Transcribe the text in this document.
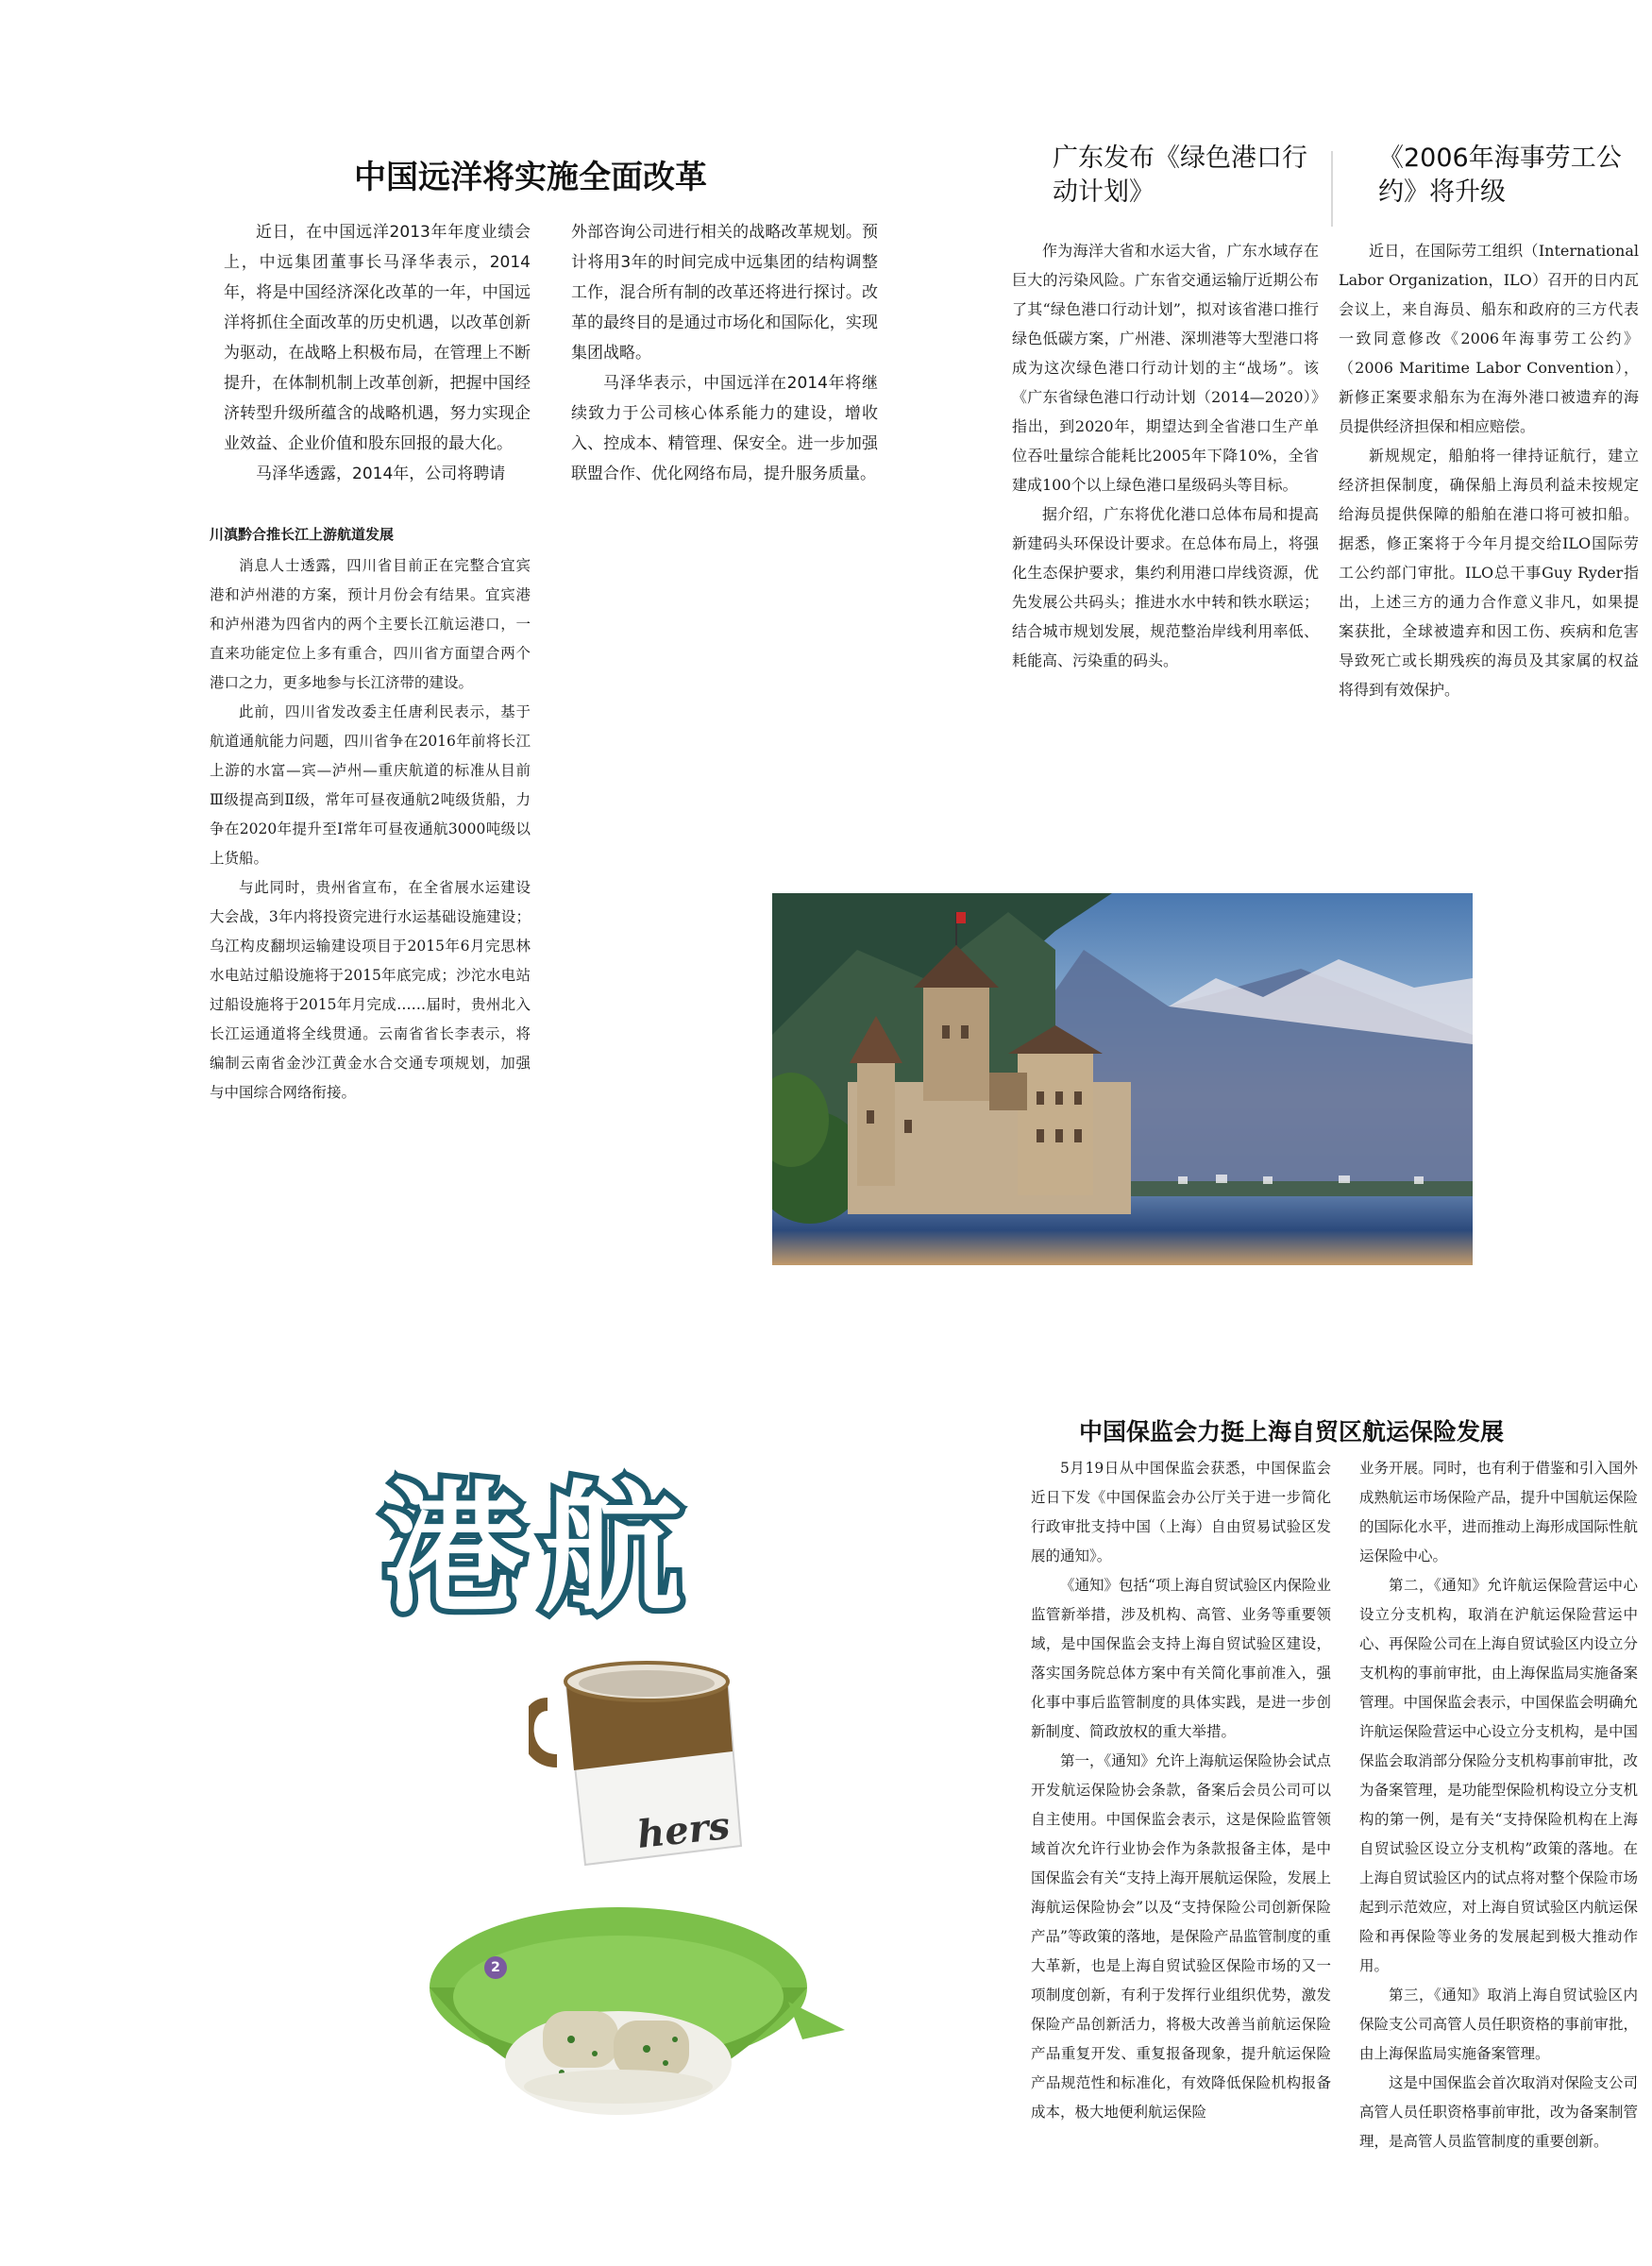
中国远洋将实施全面改革

近日，在中国远洋2013年年度业绩会上，中远集团董事长马泽华表示，2014年，将是中国经济深化改革的一年，中国远洋将抓住全面改革的历史机遇，以改革创新为驱动，在战略上积极布局，在管理上不断提升，在体制机制上改革创新，把握中国经济转型升级所蕴含的战略机遇，努力实现企业效益、企业价值和股东回报的最大化。

马泽华透露，2014年，公司将聘请

外部咨询公司进行相关的战略改革规划。预计将用3年的时间完成中远集团的结构调整工作，混合所有制的改革还将进行探讨。改革的最终目的是通过市场化和国际化，实现集团战略。

马泽华表示，中国远洋在2014年将继续致力于公司核心体系能力的建设，增收入、控成本、精管理、保安全。进一步加强联盟合作、优化网络布局，提升服务质量。

川滇黔合推长江上游航道发展

消息人士透露，四川省目前正在完整合宜宾港和泸州港的方案，预计月份会有结果。宜宾港和泸州港为四省内的两个主要长江航运港口，一直来功能定位上多有重合，四川省方面望合两个港口之力，更多地参与长江济带的建设。

此前，四川省发改委主任唐利民表示，基于航道通航能力问题，四川省争在2016年前将长江上游的水富—宾—泸州—重庆航道的标准从目前Ⅲ级提高到Ⅱ级，常年可昼夜通航2吨级货船，力争在2020年提升至Ⅰ常年可昼夜通航3000吨级以上货船。

与此同时，贵州省宣布，在全省展水运建设大会战，3年内将投资完进行水运基础设施建设；乌江构皮翻坝运输建设项目于2015年6月完思林水电站过船设施将于2015年底完成；沙沱水电站过船设施将于2015年月完成……届时，贵州北入长江运通道将全线贯通。云南省省长李表示，将编制云南省金沙江黄金水合交通专项规划，加强与中国综合网络衔接。

广东发布《绿色港口行动计划》

作为海洋大省和水运大省，广东水域存在巨大的污染风险。广东省交通运输厅近期公布了其“绿色港口行动计划”，拟对该省港口推行绿色低碳方案，广州港、深圳港等大型港口将成为这次绿色港口行动计划的主“战场”。该《广东省绿色港口行动计划（2014—2020）》指出，到2020年，期望达到全省港口生产单位吞吐量综合能耗比2005年下降10%，全省建成100个以上绿色港口星级码头等目标。

据介绍，广东将优化港口总体布局和提高新建码头环保设计要求。在总体布局上，将强化生态保护要求，集约利用港口岸线资源，优先发展公共码头；推进水水中转和铁水联运；结合城市规划发展，规范整治岸线利用率低、耗能高、污染重的码头。

《2006年海事劳工公约》将升级

近日，在国际劳工组织（International Labor Organization，ILO）召开的日内瓦会议上，来自海员、船东和政府的三方代表一致同意修改《2006年海事劳工公约》（2006 Maritime Labor Convention），新修正案要求船东为在海外港口被遗弃的海员提供经济担保和相应赔偿。

新规规定，船舶将一律持证航行，建立经济担保制度，确保船上海员利益未按规定给海员提供保障的船舶在港口将可被扣船。据悉，修正案将于今年月提交给ILO国际劳工公约部门审批。ILO总干事Guy Ryder指出，上述三方的通力合作意义非凡，如果提案获批，全球被遗弃和因工伤、疾病和危害导致死亡或长期残疾的海员及其家属的权益将得到有效保护。

港航
hers
2
中国保监会力挺上海自贸区航运保险发展

5月19日从中国保监会获悉，中国保监会近日下发《中国保监会办公厅关于进一步简化行政审批支持中国（上海）自由贸易试验区发展的通知》。

《通知》包括“项上海自贸试验区内保险业监管新举措，涉及机构、高管、业务等重要领域，是中国保监会支持上海自贸试验区建设，落实国务院总体方案中有关简化事前准入，强化事中事后监管制度的具体实践，是进一步创新制度、简政放权的重大举措。

第一，《通知》允许上海航运保险协会试点开发航运保险协会条款，备案后会员公司可以自主使用。中国保监会表示，这是保险监管领域首次允许行业协会作为条款报备主体，是中国保监会有关“支持上海开展航运保险，发展上海航运保险协会”以及“支持保险公司创新保险产品”等政策的落地，是保险产品监管制度的重大革新，也是上海自贸试验区保险市场的又一项制度创新，有利于发挥行业组织优势，激发保险产品创新活力，将极大改善当前航运保险产品重复开发、重复报备现象，提升航运保险产品规范性和标准化，有效降低保险机构报备成本，极大地便利航运保险

业务开展。同时，也有利于借鉴和引入国外成熟航运市场保险产品，提升中国航运保险的国际化水平，进而推动上海形成国际性航运保险中心。

第二，《通知》允许航运保险营运中心设立分支机构，取消在沪航运保险营运中心、再保险公司在上海自贸试验区内设立分支机构的事前审批，由上海保监局实施备案管理。中国保监会表示，中国保监会明确允许航运保险营运中心设立分支机构，是中国保监会取消部分保险分支机构事前审批，改为备案管理，是功能型保险机构设立分支机构的第一例，是有关“支持保险机构在上海自贸试验区设立分支机构”政策的落地。在上海自贸试验区内的试点将对整个保险市场起到示范效应，对上海自贸试验区内航运保险和再保险等业务的发展起到极大推动作用。

第三，《通知》取消上海自贸试验区内保险支公司高管人员任职资格的事前审批，由上海保监局实施备案管理。

这是中国保监会首次取消对保险支公司高管人员任职资格事前审批，改为备案制管理，是高管人员监管制度的重要创新。
